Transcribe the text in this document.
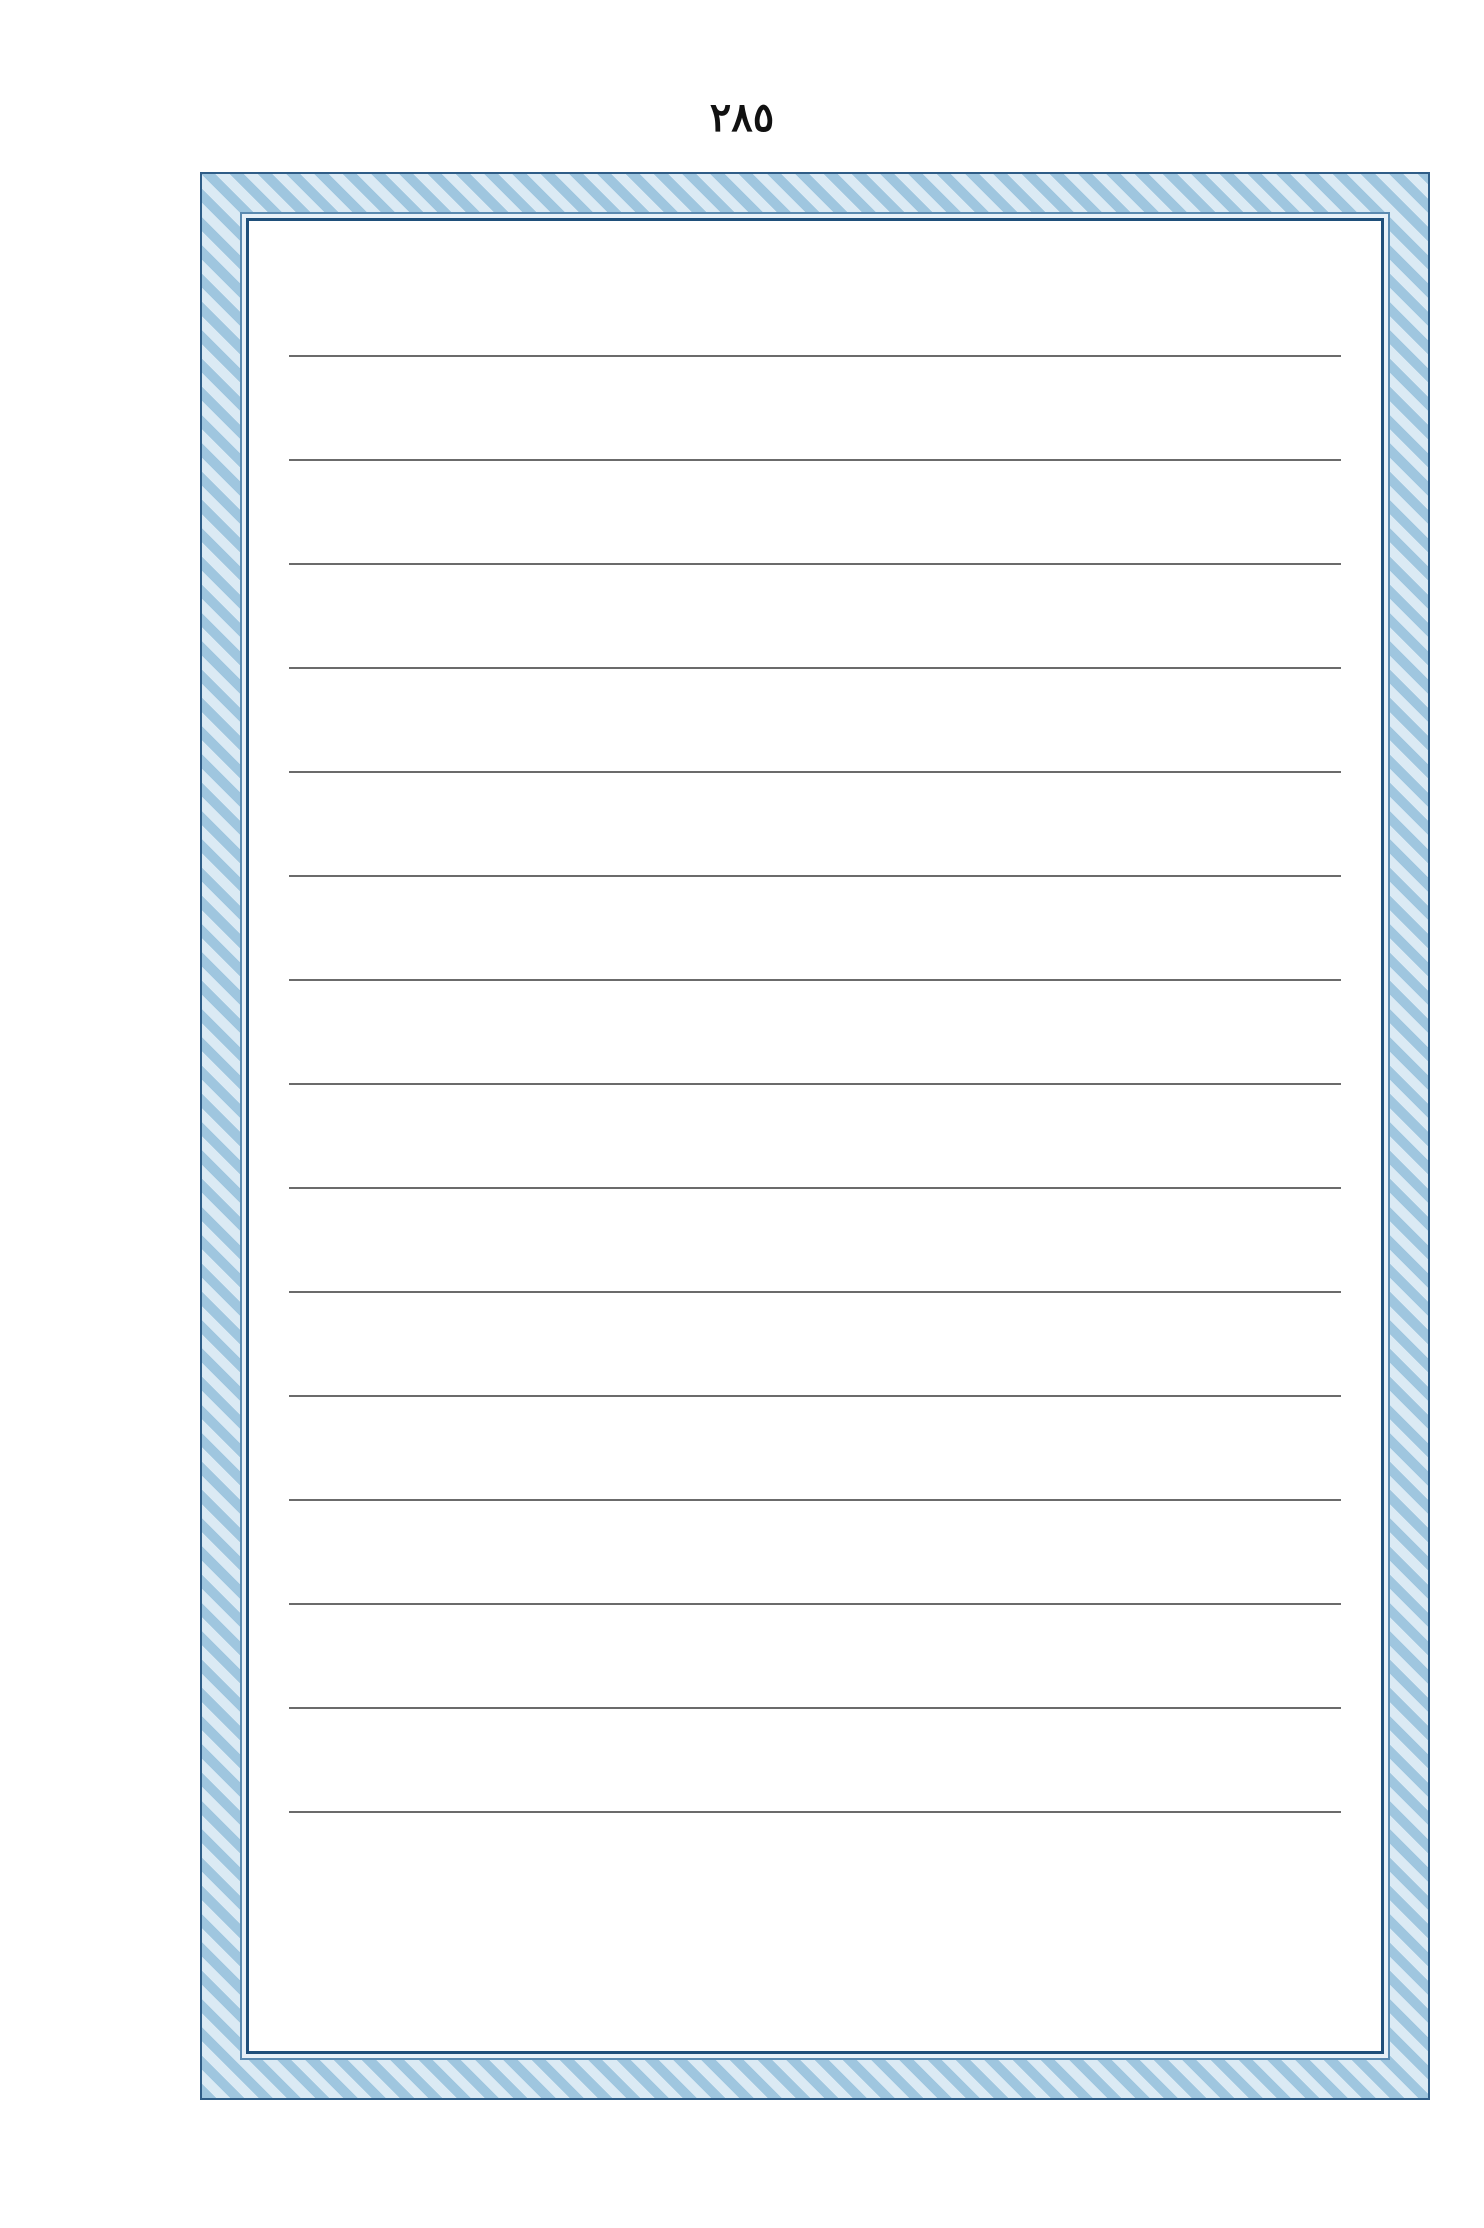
٢٨٥
